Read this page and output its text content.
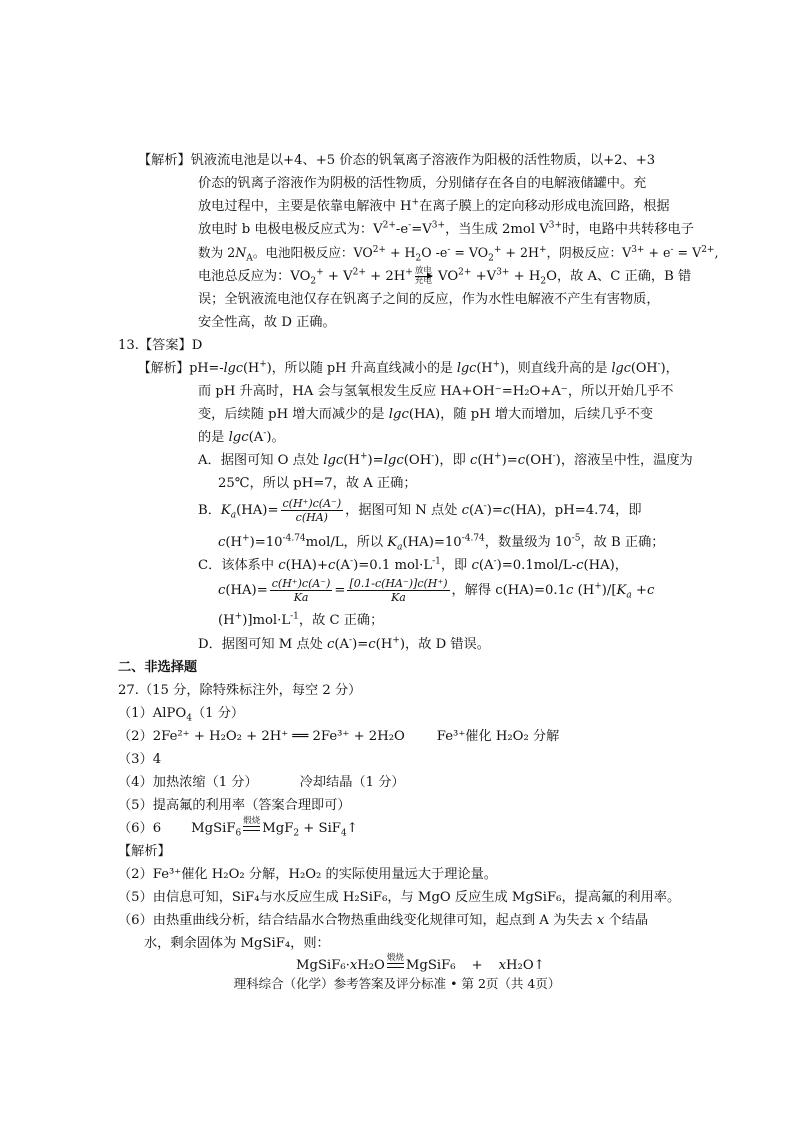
【解析】钒液流电池是以+4、+5 价态的钒氧离子溶液作为阳极的活性物质，以+2、+3
价态的钒离子溶液作为阴极的活性物质，分别储存在各自的电解液储罐中。充
放电过程中，主要是依靠电解液中 H+在离子膜上的定向移动形成电流回路，根据
放电时 b 电极电极反应式为：$V^{2+}-e^-=V^{3+}$，当生成 2mol $V^{3+}$时，电路中共转移电子
数为 $2N_A$。电池阳极反应：$VO^{2+} + H_2O$ $-e^- = VO_2^+ + 2H^+$，阴极反应：$V^{3+} + e^- = V^{2+}$,
电池总反应为：$VO_2^+ + V^{2+} + 2H^+$ 放电
充电 $VO^{2+} +V^{3+} + H_2O$，故 A、C 正确，B 错
误；全钒液流电池仅存在钒离子之间的反应，作为水性电解液不产生有害物质，
安全性高，故 D 正确。
13.【答案】D
【解析】pH=-lgc(H+)，所以随 pH 升高直线减小的是 lgc(H+)，则直线升高的是 lgc(OH-)，
而 pH 升高时，HA 会与氢氧根发生反应 HA+OH⁻=H₂O+A⁻，所以开始几乎不
变，后续随 pH 增大而减少的是 lgc(HA)，随 pH 增大而增加，后续几乎不变
的是 lgc(A-)。
A．据图可知 O 点处 lgc(H+)=lgc(OH-)，即 c(H+)=c(OH-)，溶液呈中性，温度为
25℃，所以 pH=7，故 A 正确；
B．$K_a(HA)= \frac{c(H^+)c(A^-)}{c(HA)}$ ，据图可知 N 点处 c(A-)=c(HA)，pH=4.74，即
$c(H^+)=10^{-4.74}mol/L$，所以 $K_a(HA)=10^{-4.74}$，数量级为 $10^{-5}$，故 B 正确；
C．该体系中 c(HA)+c(A-)=0.1 $mol\cdot L^{-1}$，即 c(A-)=0.1mol/L-c(HA)，
$c(HA)= \frac{c(H^+)c(A^-)}{Ka} = \frac{[0.1-c(HA^-)]c(H^+)}{Ka}$ ，解得 c(HA)=0.1c $(H^+)/[K_a +c$
$(H^+)]mol\cdot L^{-1}$，故 C 正确；
D．据图可知 M 点处 c(A-)=c(H+)，故 D 错误。
二、非选择题
27.（15 分，除特殊标注外，每空 2 分）
（1）AlPO$_4$（1 分）
（2）2Fe²⁺ + H₂O₂ + 2H⁺ ══ 2Fe³⁺ + 2H₂O Fe³⁺催化 H₂O₂ 分解
（3）4
（4）加热浓缩（1 分）	冷却结晶（1 分）
（5）提高氟的利用率（答案合理即可）
（6）6 MgSiF$_6$
煅烧
MgF$_2$ + SiF$_4$↑
【解析】
（2）Fe³⁺催化 H₂O₂ 分解，H₂O₂ 的实际使用量远大于理论量。
（5）由信息可知，SiF₄与水反应生成 H₂SiF₆，与 MgO 反应生成 MgSiF₆，提高氟的利用率。
（6）由热重曲线分析，结合结晶水合物热重曲线变化规律可知，起点到 A 为失去 x 个结晶
水，剩余固体为 MgSiF₄，则：
MgSiF₆·xH₂O 煅烧
MgSiF₆ + xH₂O↑
理科综合（化学）参考答案及评分标准 • 第 2页（共 4页）
